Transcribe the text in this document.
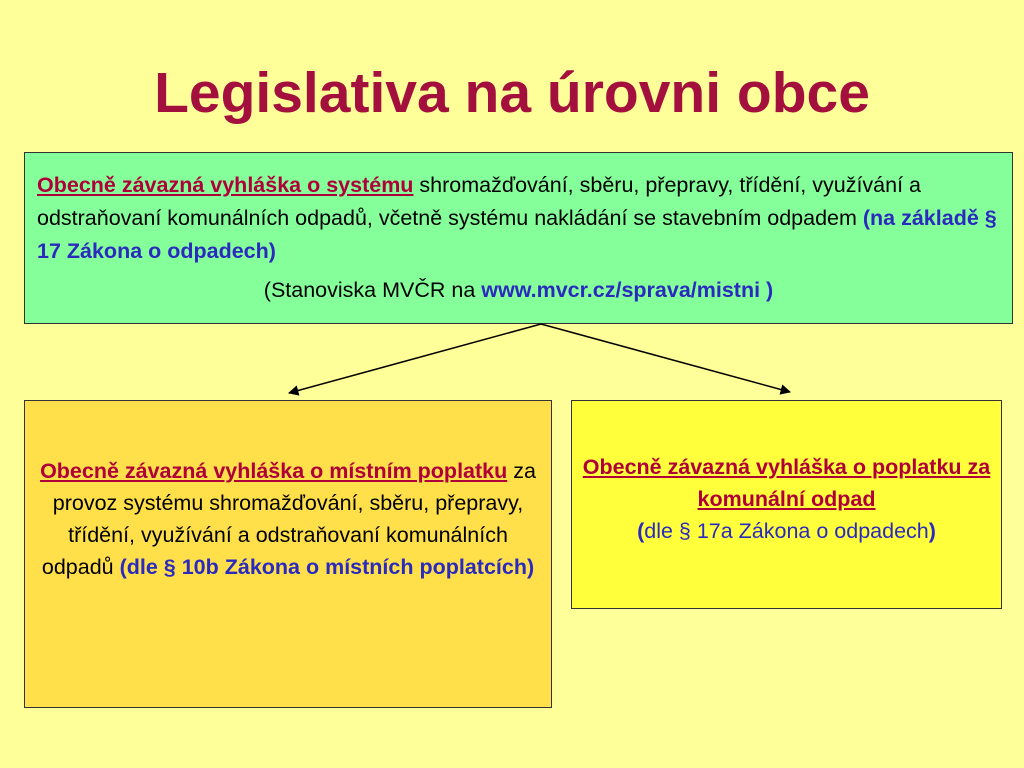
Legislativa na úrovni obce
Obecně závazná vyhláška o systému shromažďování, sběru, přepravy, třídění, využívání a odstraňovaní komunálních odpadů, včetně systému nakládání se stavebním odpadem (na základě § 17 Zákona o odpadech)
(Stanoviska MVČR na www.mvcr.cz/sprava/mistni )
Obecně závazná vyhláška o místním poplatku za provoz systému shromažďování, sběru, přepravy, třídění, využívání a odstraňovaní komunálních odpadů (dle § 10b Zákona o místních poplatcích)
Obecně závazná vyhláška o poplatku za komunální odpad
(dle § 17a Zákona o odpadech)
